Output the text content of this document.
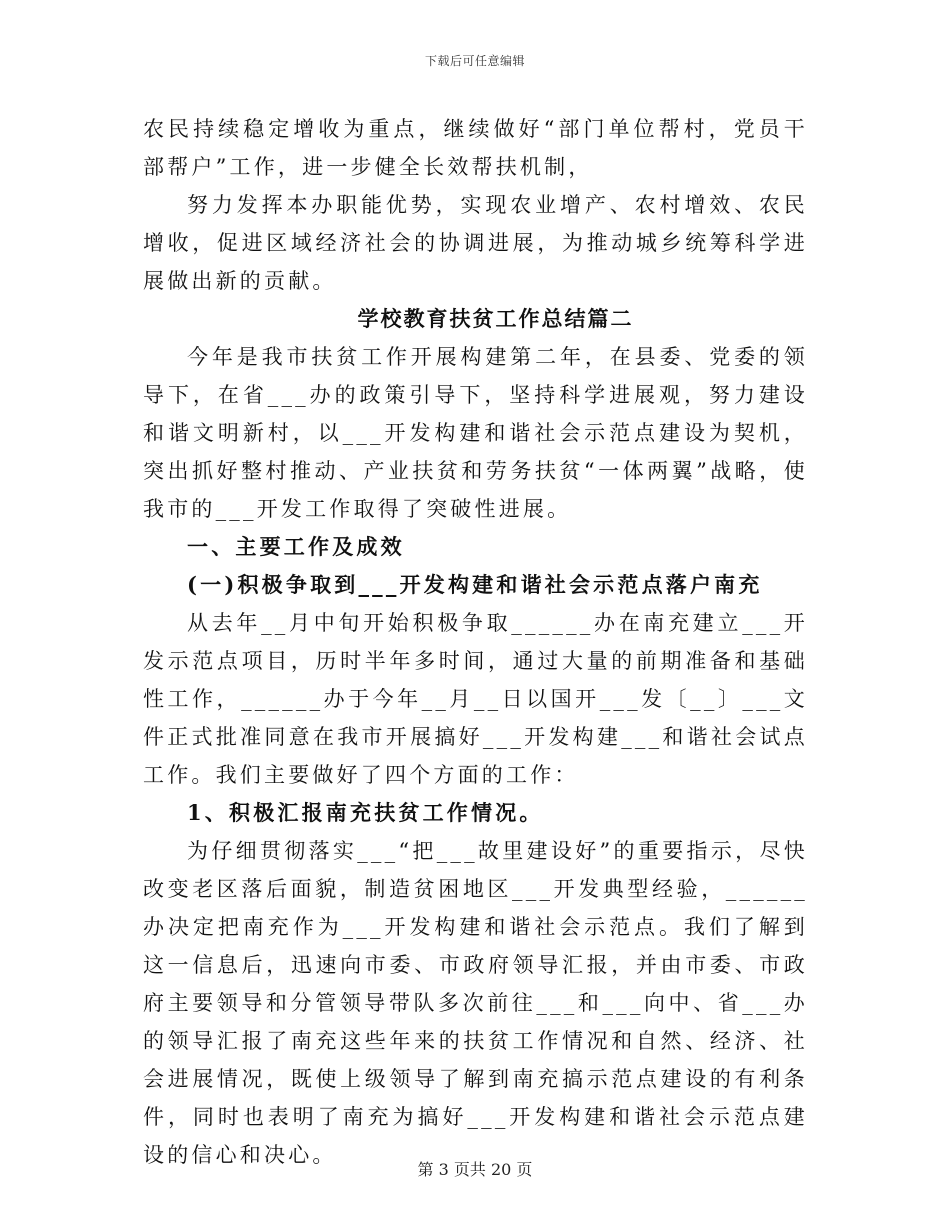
下载后可任意编辑

农民持续稳定增收为重点，继续做好“部门单位帮村，党员干部帮户”工作，进一步健全长效帮扶机制，

努力发挥本办职能优势，实现农业增产、农村增效、农民增收，促进区域经济社会的协调进展，为推动城乡统筹科学进展做出新的贡献。

学校教育扶贫工作总结篇二

今年是我市扶贫工作开展构建第二年，在县委、党委的领导下，在省___办的政策引导下，坚持科学进展观，努力建设和谐文明新村，以___开发构建和谐社会示范点建设为契机，突出抓好整村推动、产业扶贫和劳务扶贫“一体两翼”战略，使我市的___开发工作取得了突破性进展。

一、主要工作及成效

(一)积极争取到___开发构建和谐社会示范点落户南充

从去年__月中旬开始积极争取______办在南充建立___开发示范点项目，历时半年多时间，通过大量的前期准备和基础性工作，______办于今年__月__日以国开___发〔__〕___文件正式批准同意在我市开展搞好___开发构建___和谐社会试点工作。我们主要做好了四个方面的工作：

1、积极汇报南充扶贫工作情况。

为仔细贯彻落实___“把___故里建设好”的重要指示，尽快改变老区落后面貌，制造贫困地区___开发典型经验，______办决定把南充作为___开发构建和谐社会示范点。我们了解到这一信息后，迅速向市委、市政府领导汇报，并由市委、市政府主要领导和分管领导带队多次前往___和___向中、省___办的领导汇报了南充这些年来的扶贫工作情况和自然、经济、社会进展情况，既使上级领导了解到南充搞示范点建设的有利条件，同时也表明了南充为搞好___开发构建和谐社会示范点建设的信心和决心。

第 3 页共 20 页
